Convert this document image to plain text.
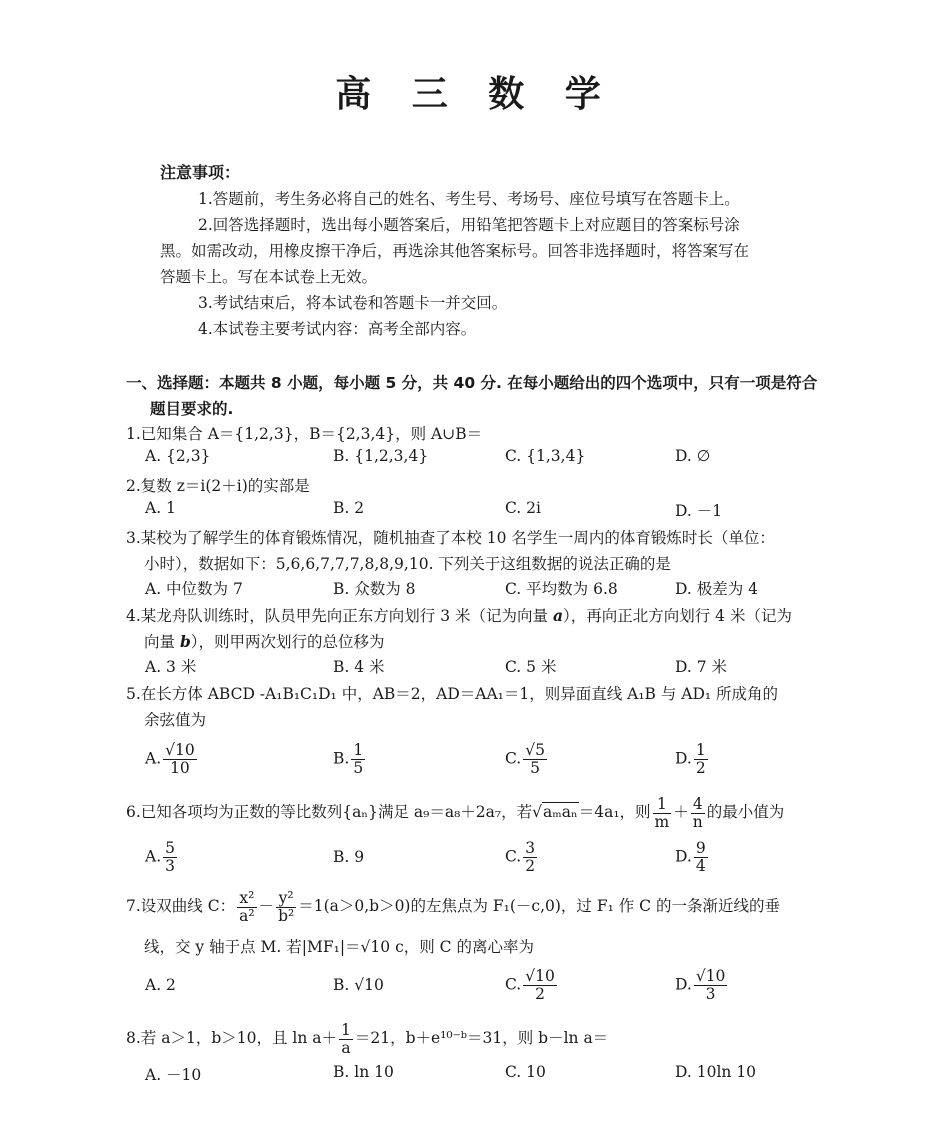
高 三 数 学
注意事项：
1.答题前，考生务必将自己的姓名、考生号、考场号、座位号填写在答题卡上。
2.回答选择题时，选出每小题答案后，用铅笔把答题卡上对应题目的答案标号涂
黑。如需改动，用橡皮擦干净后，再选涂其他答案标号。回答非选择题时，将答案写在
答题卡上。写在本试卷上无效。
3.考试结束后，将本试卷和答题卡一并交回。
4.本试卷主要考试内容：高考全部内容。
一、选择题：本题共 8 小题，每小题 5 分，共 40 分. 在每小题给出的四个选项中，只有一项是符合
题目要求的.
1.已知集合 A＝{1,2,3}，B＝{2,3,4}，则 A∪B＝
A. {2,3}	B. {1,2,3,4}	C. {1,3,4}	D. ∅
2.复数 z＝i(2＋i)的实部是
A. 1	B. 2	C. 2i	D. －1
3.某校为了解学生的体育锻炼情况，随机抽查了本校 10 名学生一周内的体育锻炼时长（单位：
小时），数据如下：5,6,6,7,7,7,8,8,9,10. 下列关于这组数据的说法正确的是
A. 中位数为 7	B. 众数为 8	C. 平均数为 6.8	D. 极差为 4
4.某龙舟队训练时，队员甲先向正东方向划行 3 米（记为向量 a），再向正北方向划行 4 米（记为
向量 b），则甲两次划行的总位移为
A. 3 米	B. 4 米	C. 5 米	D. 7 米
5.在长方体 ABCD -A₁B₁C₁D₁ 中，AB＝2，AD＝AA₁＝1，则异面直线 A₁B 与 AD₁ 所成角的
余弦值为
A. $\frac{√10}{10}$	B. $\frac{1}{5}$	C. $\frac{√5}{5}$	D. $\frac{1}{2}$
6.已知各项均为正数的等比数列{aₙ}满足 a₉＝a₈＋2a₇，若√aₘaₙ＝4a₁，则 $\frac{1}{m} + \frac{4}{n}$ 的最小值为
A. $\frac{5}{3}$	B. 9	C. $\frac{3}{2}$	D. $\frac{9}{4}$
7.设双曲线 C： $\frac{\text{x²}}{\text{a²}} - \frac{\text{y²}}{\text{b²}} =1(a>0,b>0)$的左焦点为 F₁(－c,0)，过 F₁ 作 C 的一条渐近线的垂
线，交 y 轴于点 M. 若|MF₁|＝√10 c，则 C 的离心率为
A. 2	B. √10	C. $\frac{√10}{2}$	D. $\frac{√10}{3}$
8.若 a＞1，b＞10，且 $\ln a+ \frac{1}{a} =21$，b＋e¹⁰⁻ᵇ＝31，则 b－ln a＝
A. －10	B. ln 10	C. 10	D. 10ln 10
